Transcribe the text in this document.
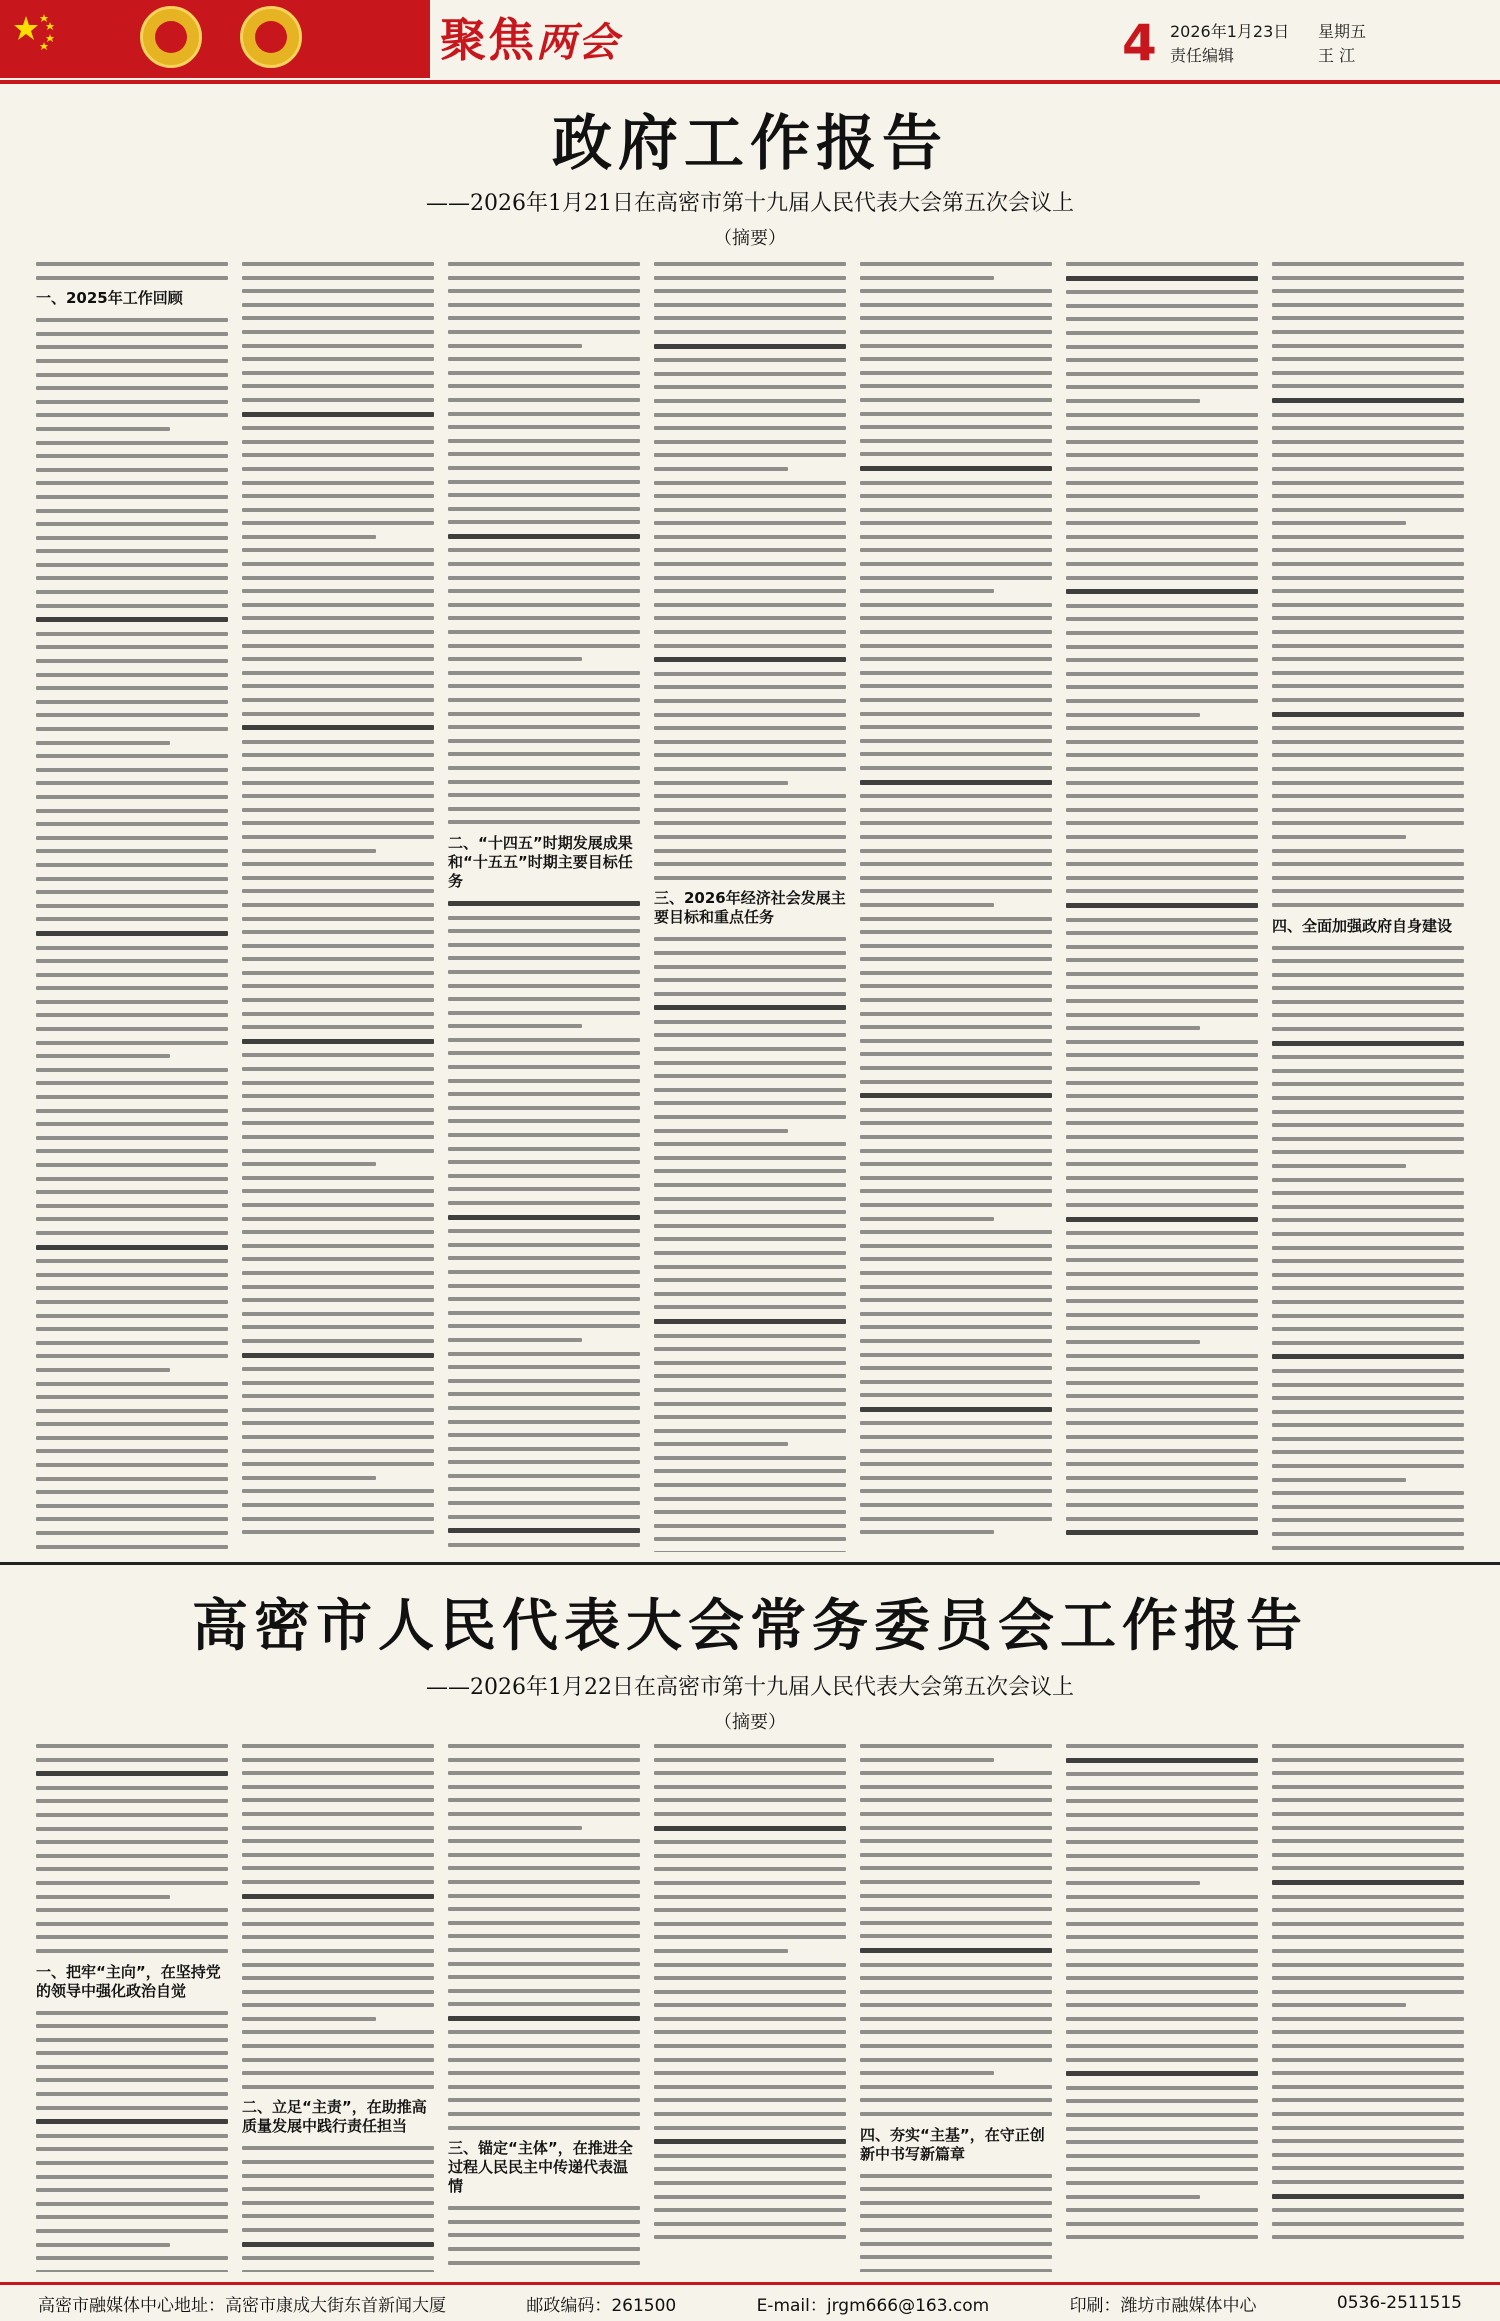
聚焦两会	4 2026年1月23日
责任编辑
星期五
王 江
政府工作报告
——2026年1月21日在高密市第十九届人民代表大会第五次会议上
（摘要）
一、2025年工作回顾
二、“十四五”时期发展成果和“十五五”时期主要目标任务
三、2026年经济社会发展主要目标和重点任务	四、全面加强政府自身建设
高密市人民代表大会常务委员会工作报告
——2026年1月22日在高密市第十九届人民代表大会第五次会议上
（摘要）
一、把牢“主向”，在坚持党的领导中强化政治自觉
二、立足“主责”，在助推高质量发展中践行责任担当
三、锚定“主体”，在推进全过程人民民主中传递代表温情
四、夯实“主基”，在守正创新中书写新篇章
高密市融媒体中心地址：高密市康成大街东首新闻大厦	邮政编码：261500	E-mail：jrgm666@163.com	印刷：潍坊市融媒体中心	0536-2511515
